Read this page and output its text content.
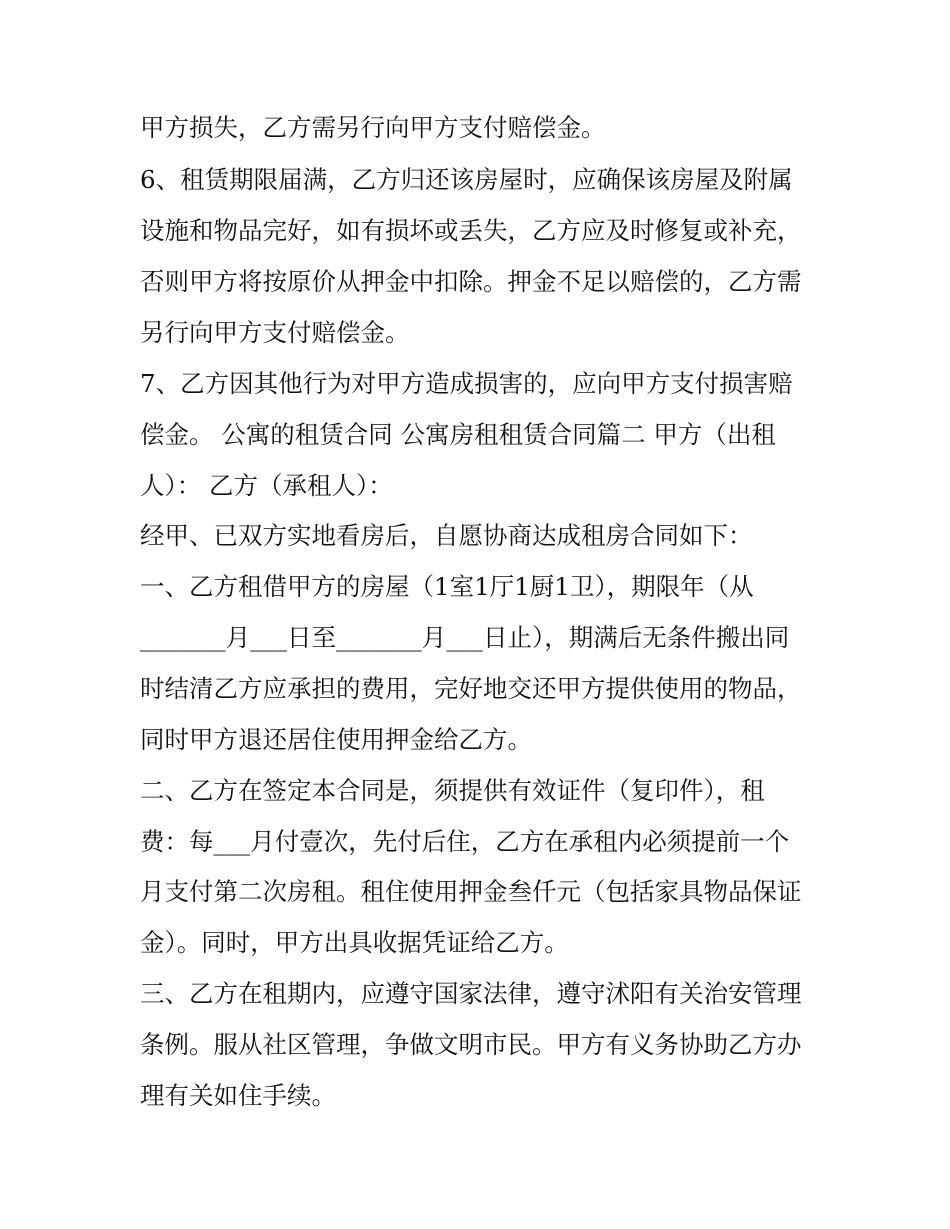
甲方损失，乙方需另行向甲方支付赔偿金。
6、租赁期限届满，乙方归还该房屋时，应确保该房屋及附属
设施和物品完好，如有损坏或丢失，乙方应及时修复或补充，
否则甲方将按原价从押金中扣除。押金不足以赔偿的，乙方需
另行向甲方支付赔偿金。
7、乙方因其他行为对甲方造成损害的，应向甲方支付损害赔
偿金。 公寓的租赁合同 公寓房租租赁合同篇二 甲方（出租
人）： 乙方（承租人）：
经甲、已双方实地看房后，自愿协商达成租房合同如下：
一、乙方租借甲方的房屋（1室1厅1厨1卫），期限年（从
_______月___日至_______月___日止），期满后无条件搬出同
时结清乙方应承担的费用，完好地交还甲方提供使用的物品，
同时甲方退还居住使用押金给乙方。
二、乙方在签定本合同是，须提供有效证件（复印件），租
费：每___月付壹次，先付后住，乙方在承租内必须提前一个
月支付第二次房租。租住使用押金叁仟元（包括家具物品保证
金）。同时，甲方出具收据凭证给乙方。
三、乙方在租期内，应遵守国家法律，遵守沭阳有关治安管理
条例。服从社区管理，争做文明市民。甲方有义务协助乙方办
理有关如住手续。
